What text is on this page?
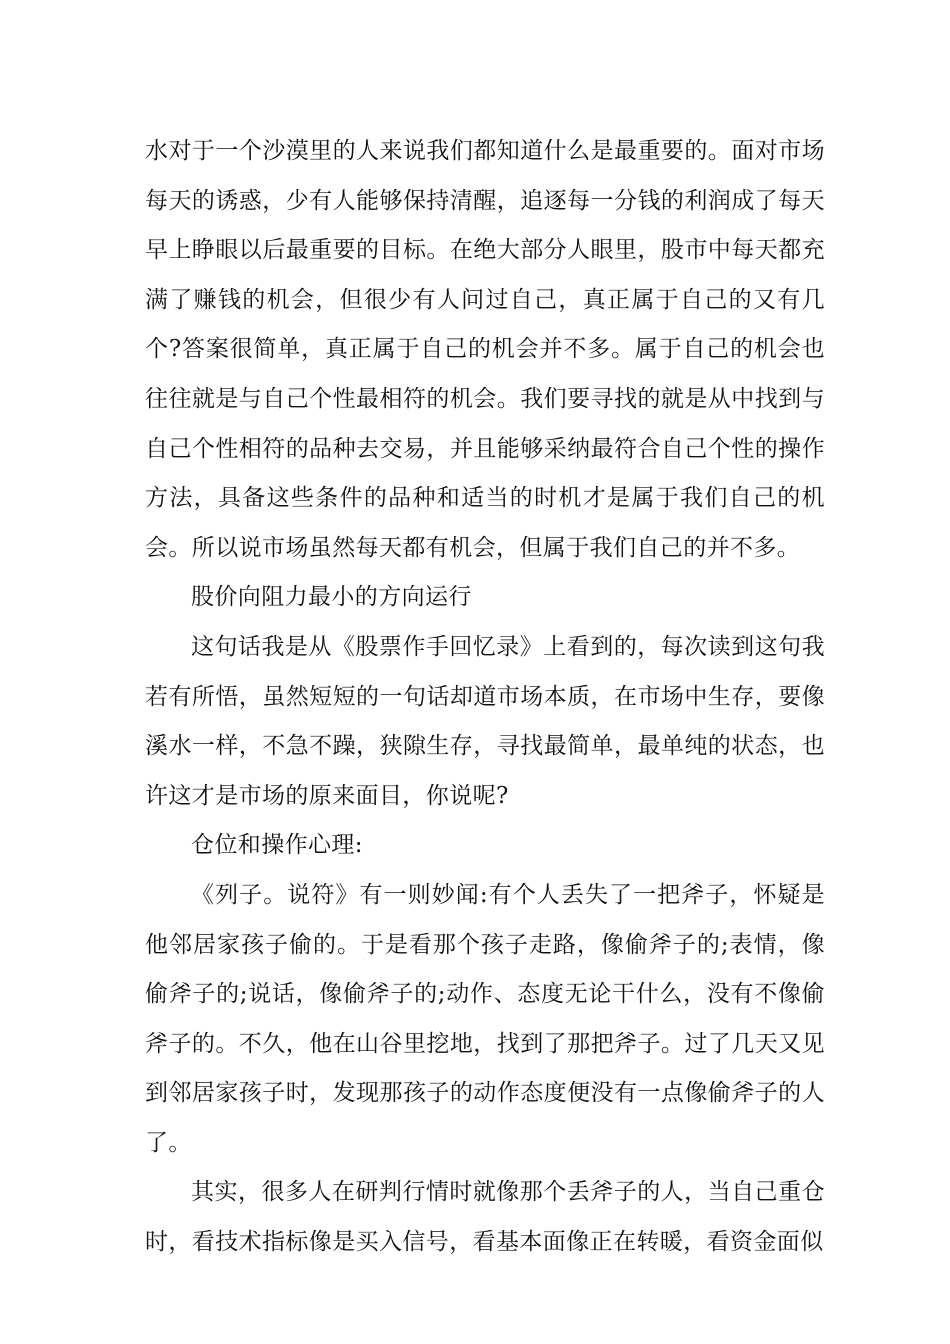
水对于一个沙漠里的人来说我们都知道什么是最重要的。面对市场每天的诱惑，少有人能够保持清醒，追逐每一分钱的利润成了每天早上睁眼以后最重要的目标。在绝大部分人眼里，股市中每天都充满了赚钱的机会，但很少有人问过自己，真正属于自己的又有几个?答案很简单，真正属于自己的机会并不多。属于自己的机会也往往就是与自己个性最相符的机会。我们要寻找的就是从中找到与自己个性相符的品种去交易，并且能够采纳最符合自己个性的操作方法，具备这些条件的品种和适当的时机才是属于我们自己的机会。所以说市场虽然每天都有机会，但属于我们自己的并不多。

股价向阻力最小的方向运行

这句话我是从《股票作手回忆录》上看到的，每次读到这句我若有所悟，虽然短短的一句话却道市场本质，在市场中生存，要像溪水一样，不急不躁，狭隙生存，寻找最简单，最单纯的状态，也许这才是市场的原来面目，你说呢?

仓位和操作心理:

《列子。说符》有一则妙闻:有个人丢失了一把斧子，怀疑是他邻居家孩子偷的。于是看那个孩子走路，像偷斧子的;表情，像偷斧子的;说话，像偷斧子的;动作、态度无论干什么，没有不像偷斧子的。不久，他在山谷里挖地，找到了那把斧子。过了几天又见到邻居家孩子时，发现那孩子的动作态度便没有一点像偷斧子的人了。

其实，很多人在研判行情时就像那个丢斧子的人，当自己重仓时，看技术指标像是买入信号，看基本面像正在转暖，看资金面似
